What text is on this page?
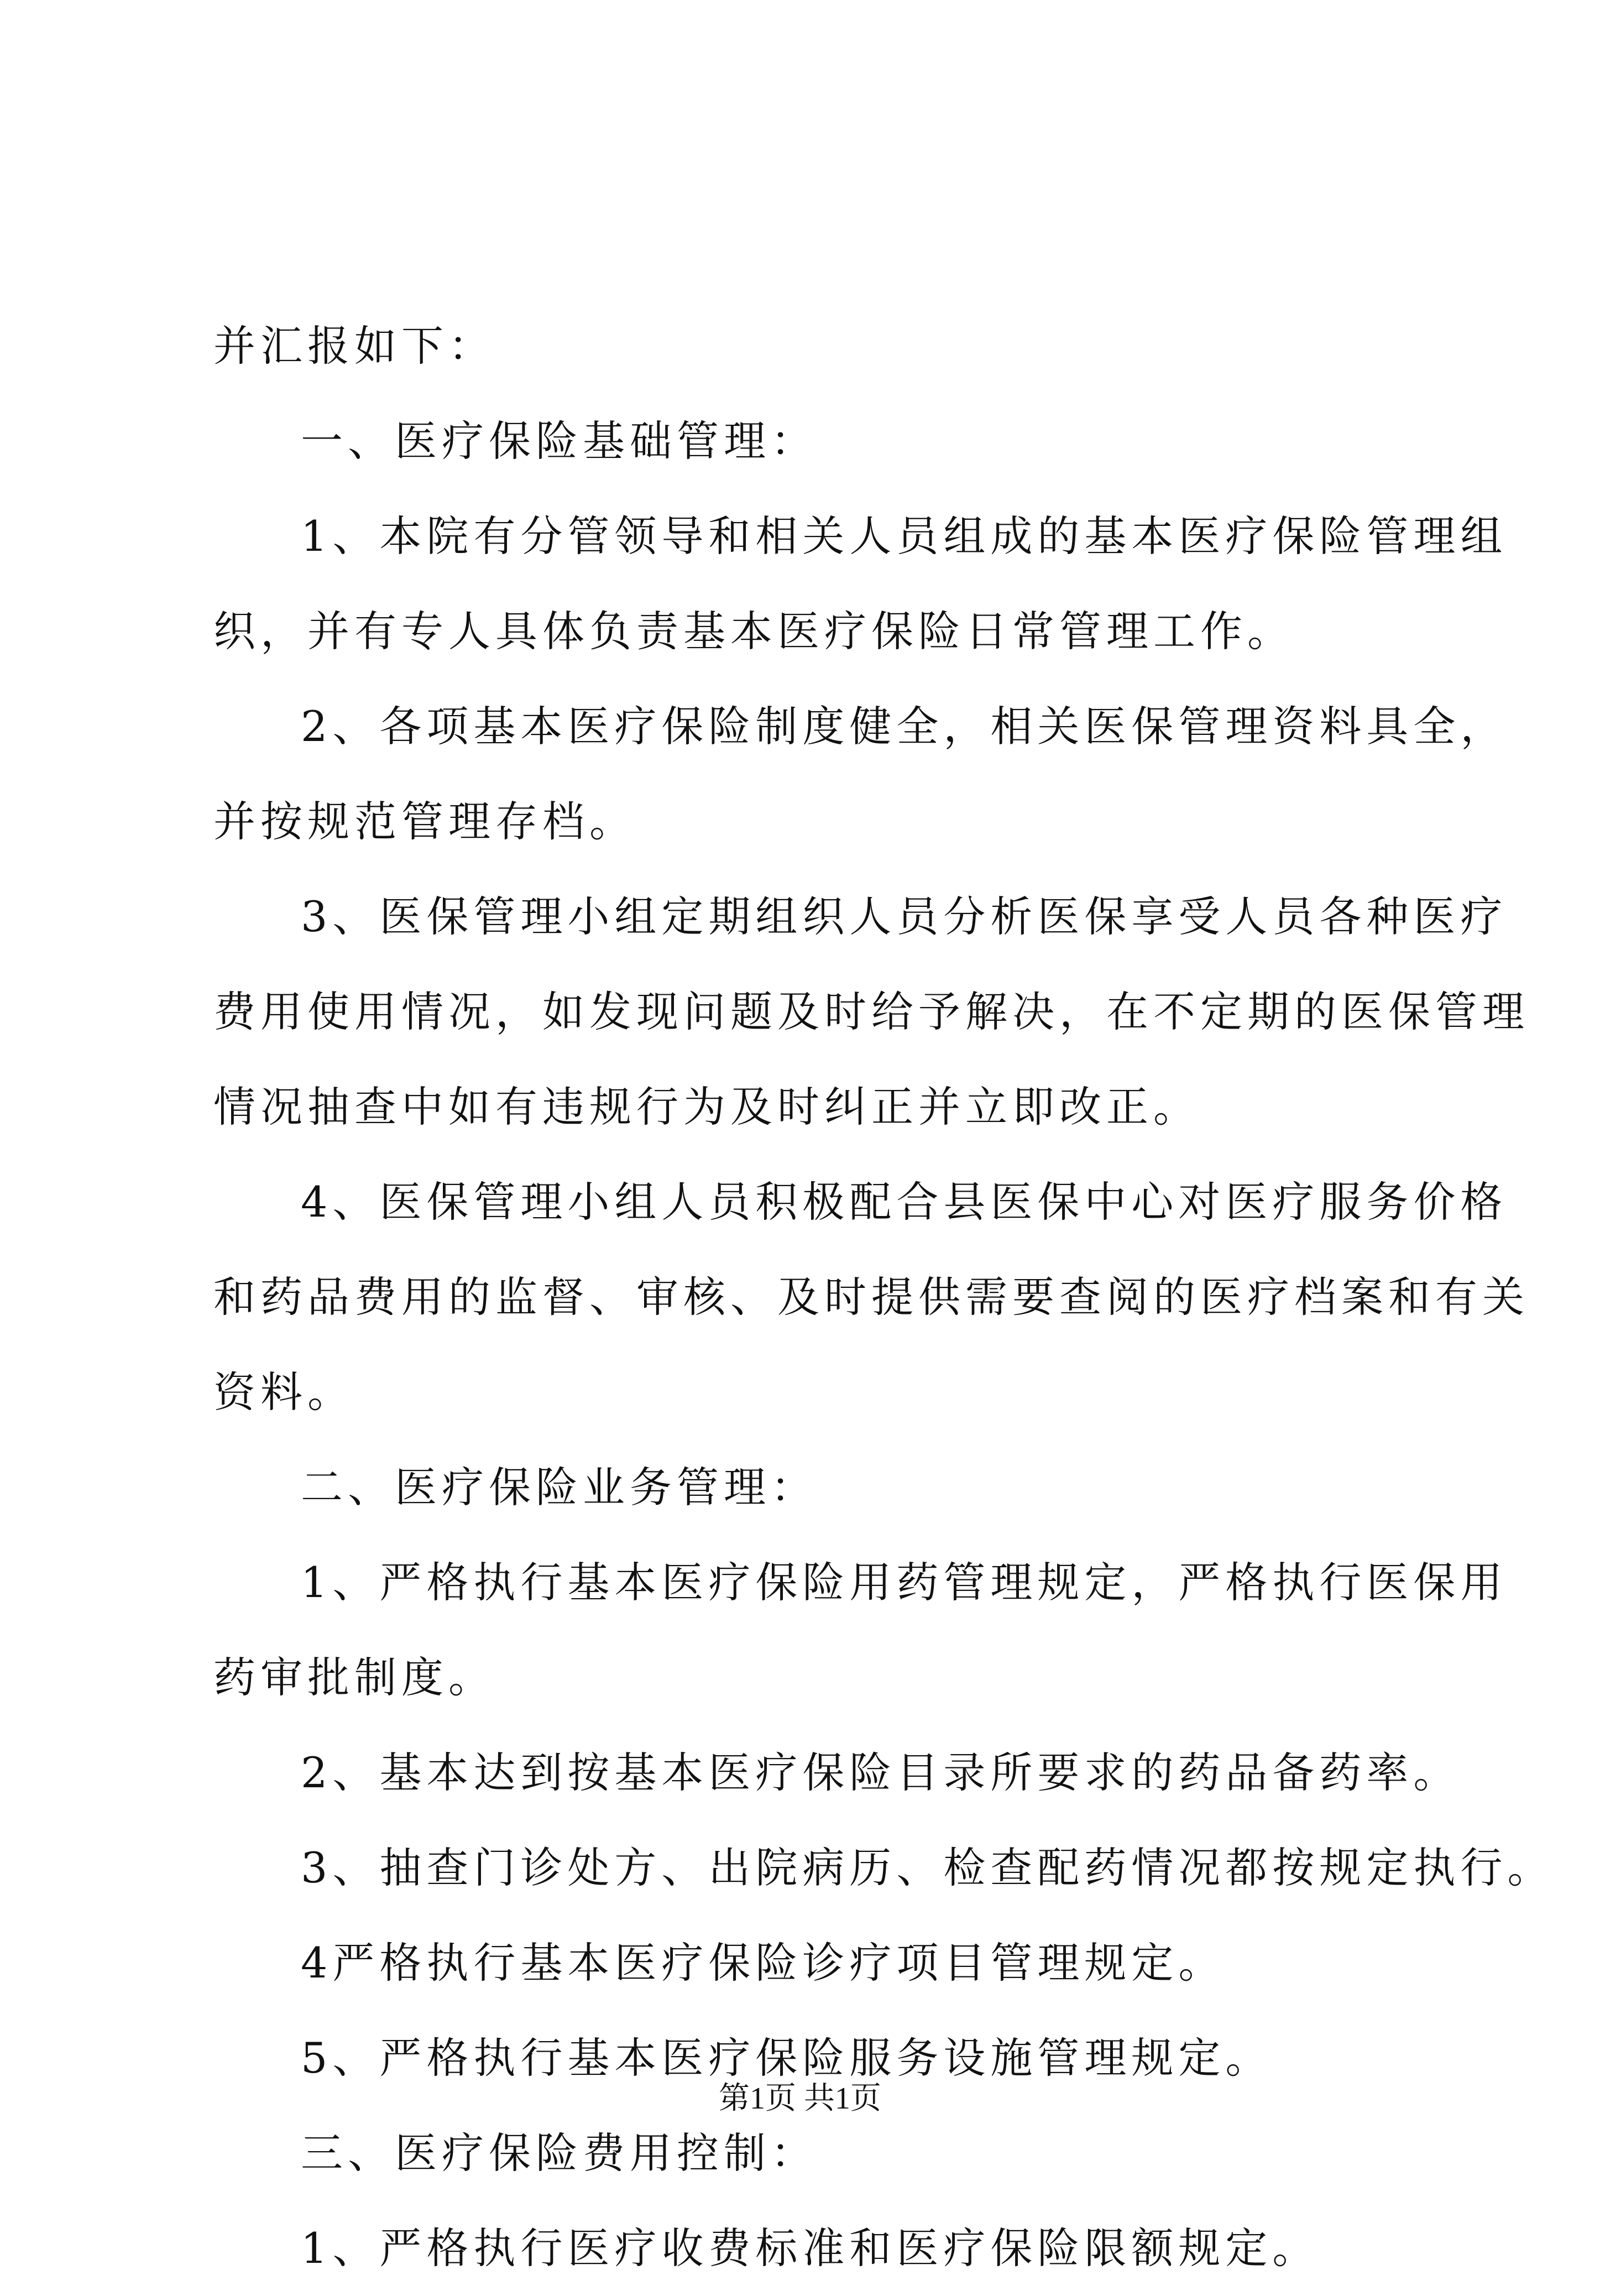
并汇报如下：
一、医疗保险基础管理：
1、本院有分管领导和相关人员组成的基本医疗保险管理组
织，并有专人具体负责基本医疗保险日常管理工作。
2、各项基本医疗保险制度健全，相关医保管理资料具全，
并按规范管理存档。
3、医保管理小组定期组织人员分析医保享受人员各种医疗
费用使用情况，如发现问题及时给予解决，在不定期的医保管理
情况抽查中如有违规行为及时纠正并立即改正。
4、医保管理小组人员积极配合县医保中心对医疗服务价格
和药品费用的监督、审核、及时提供需要查阅的医疗档案和有关
资料。
二、医疗保险业务管理：
1、严格执行基本医疗保险用药管理规定，严格执行医保用
药审批制度。
2、基本达到按基本医疗保险目录所要求的药品备药率。
3、抽查门诊处方、出院病历、检查配药情况都按规定执行。
4严格执行基本医疗保险诊疗项目管理规定。
5、严格执行基本医疗保险服务设施管理规定。
三、医疗保险费用控制：
1、严格执行医疗收费标准和医疗保险限额规定。
第1页 共1页
